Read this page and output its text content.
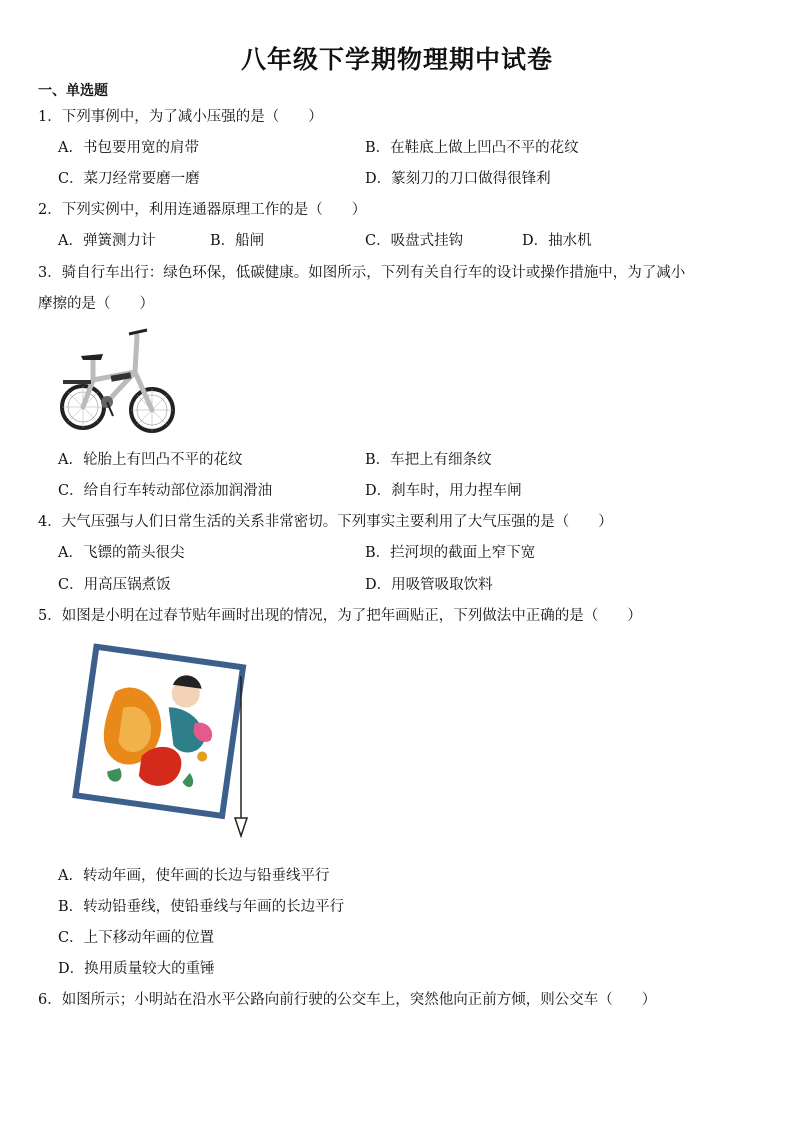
八年级下学期物理期中试卷
一、单选题
1．下列事例中，为了减小压强的是（　　）
A．书包要用宽的肩带	B．在鞋底上做上凹凸不平的花纹
C．菜刀经常要磨一磨	D．篆刻刀的刀口做得很锋利
2．下列实例中，利用连通器原理工作的是（　　）
A．弹簧测力计	B．船闸	C．吸盘式挂钩	D．抽水机
3．骑自行车出行：绿色环保，低碳健康。如图所示，下列有关自行车的设计或操作措施中，为了减小
摩擦的是（　　）
A．轮胎上有凹凸不平的花纹	B．车把上有细条纹
C．给自行车转动部位添加润滑油	D．刹车时，用力捏车闸
4．大气压强与人们日常生活的关系非常密切。下列事实主要利用了大气压强的是（　　）
A．飞镖的箭头很尖	B．拦河坝的截面上窄下宽
C．用高压锅煮饭	D．用吸管吸取饮料
5．如图是小明在过春节贴年画时出现的情况，为了把年画贴正，下列做法中正确的是（　　）
A．转动年画，使年画的长边与铅垂线平行
B．转动铅垂线，使铅垂线与年画的长边平行
C．上下移动年画的位置
D．换用质量较大的重锤
6．如图所示；小明站在沿水平公路向前行驶的公交车上，突然他向正前方倾，则公交车（　　）
